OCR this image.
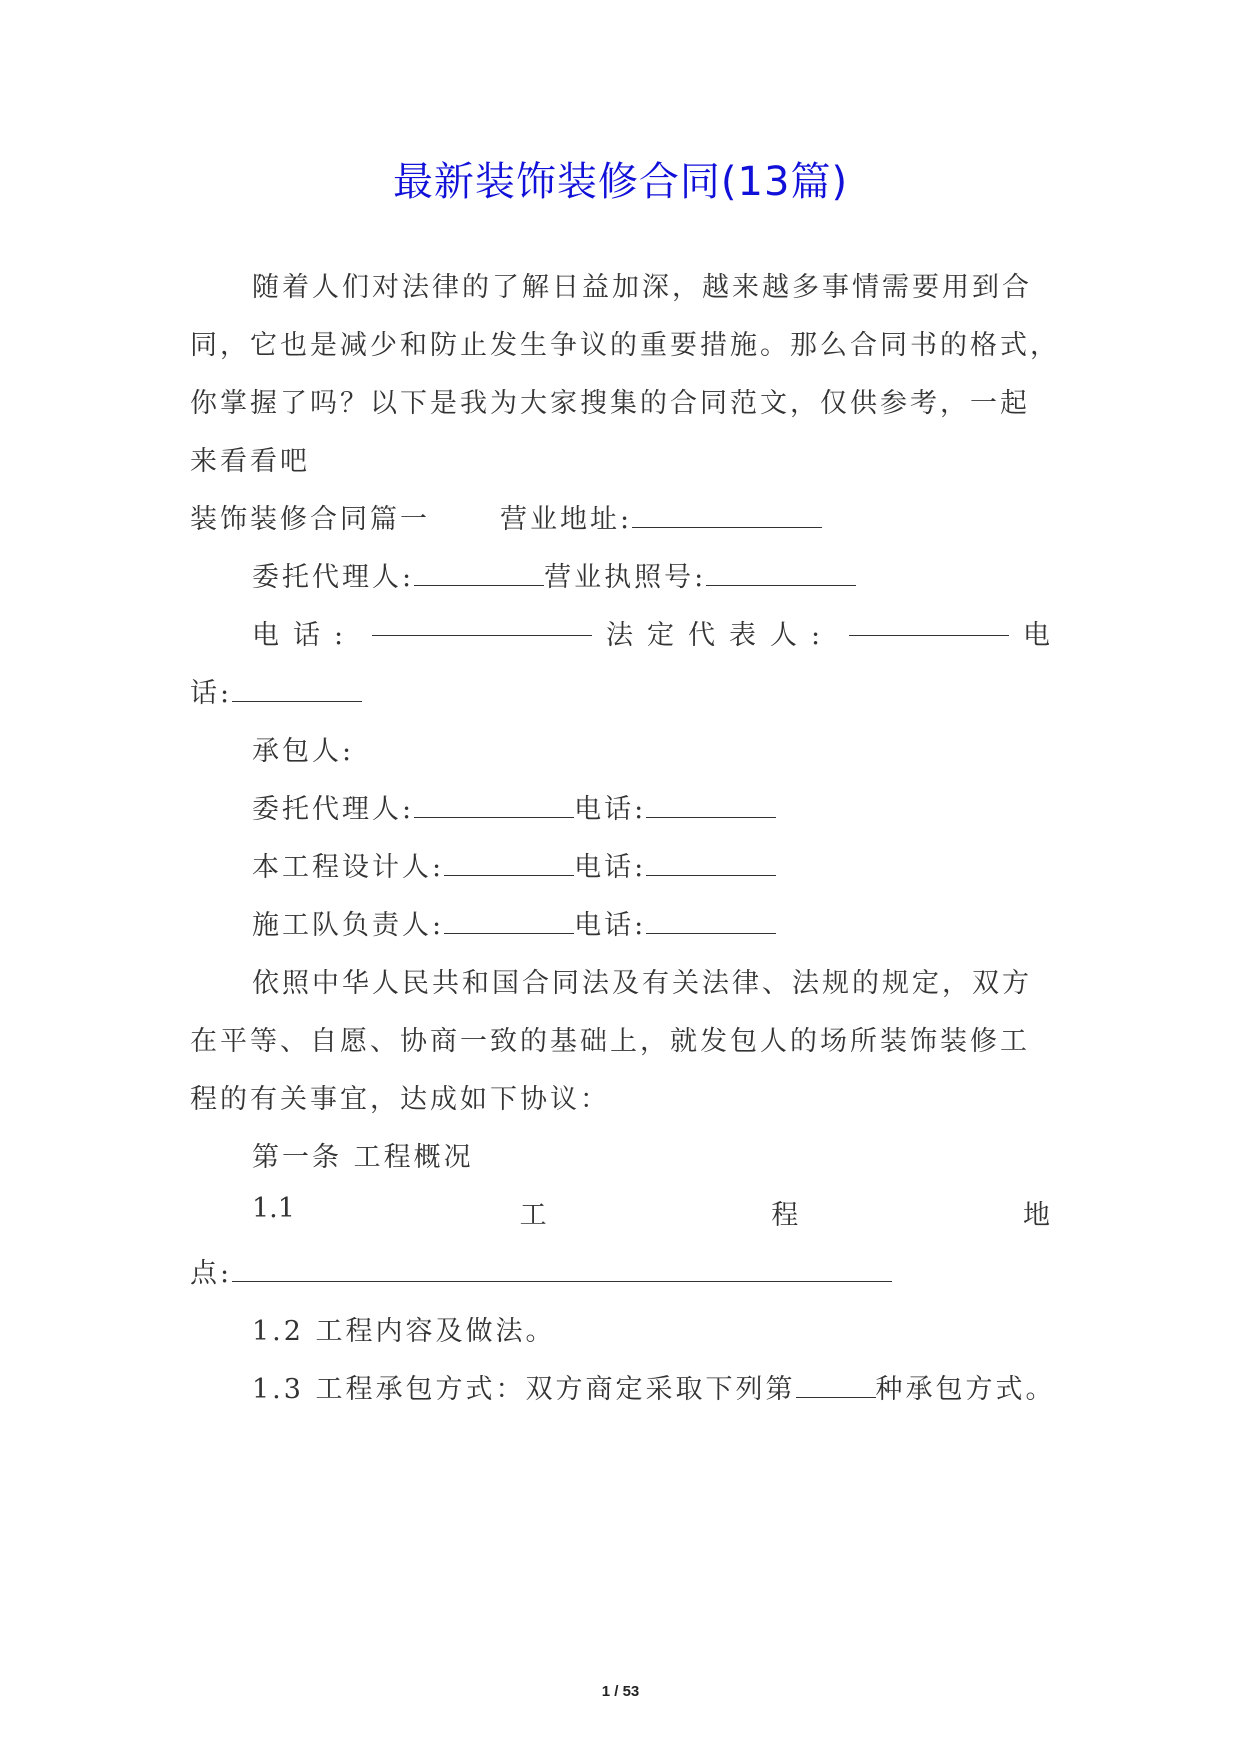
最新装饰装修合同(13篇)
随着人们对法律的了解日益加深，越来越多事情需要用到合
同，它也是减少和防止发生争议的重要措施。那么合同书的格式，
你掌握了吗？以下是我为大家搜集的合同范文，仅供参考，一起
来看看吧
装饰装修合同篇一	营业地址:
委托代理人:	营业执照号:
电话:	法定代表人:	电
话:
承包人:
委托代理人:	电话:
本工程设计人:	电话:
施工队负责人:	电话:
依照中华人民共和国合同法及有关法律、法规的规定，双方
在平等、自愿、协商一致的基础上，就发包人的场所装饰装修工
程的有关事宜，达成如下协议：
第一条 工程概况
1.1	工	程	地
点:
1.2 工程内容及做法。
1.3 工程承包方式：双方商定采取下列第	种承包方式。
1 / 53
